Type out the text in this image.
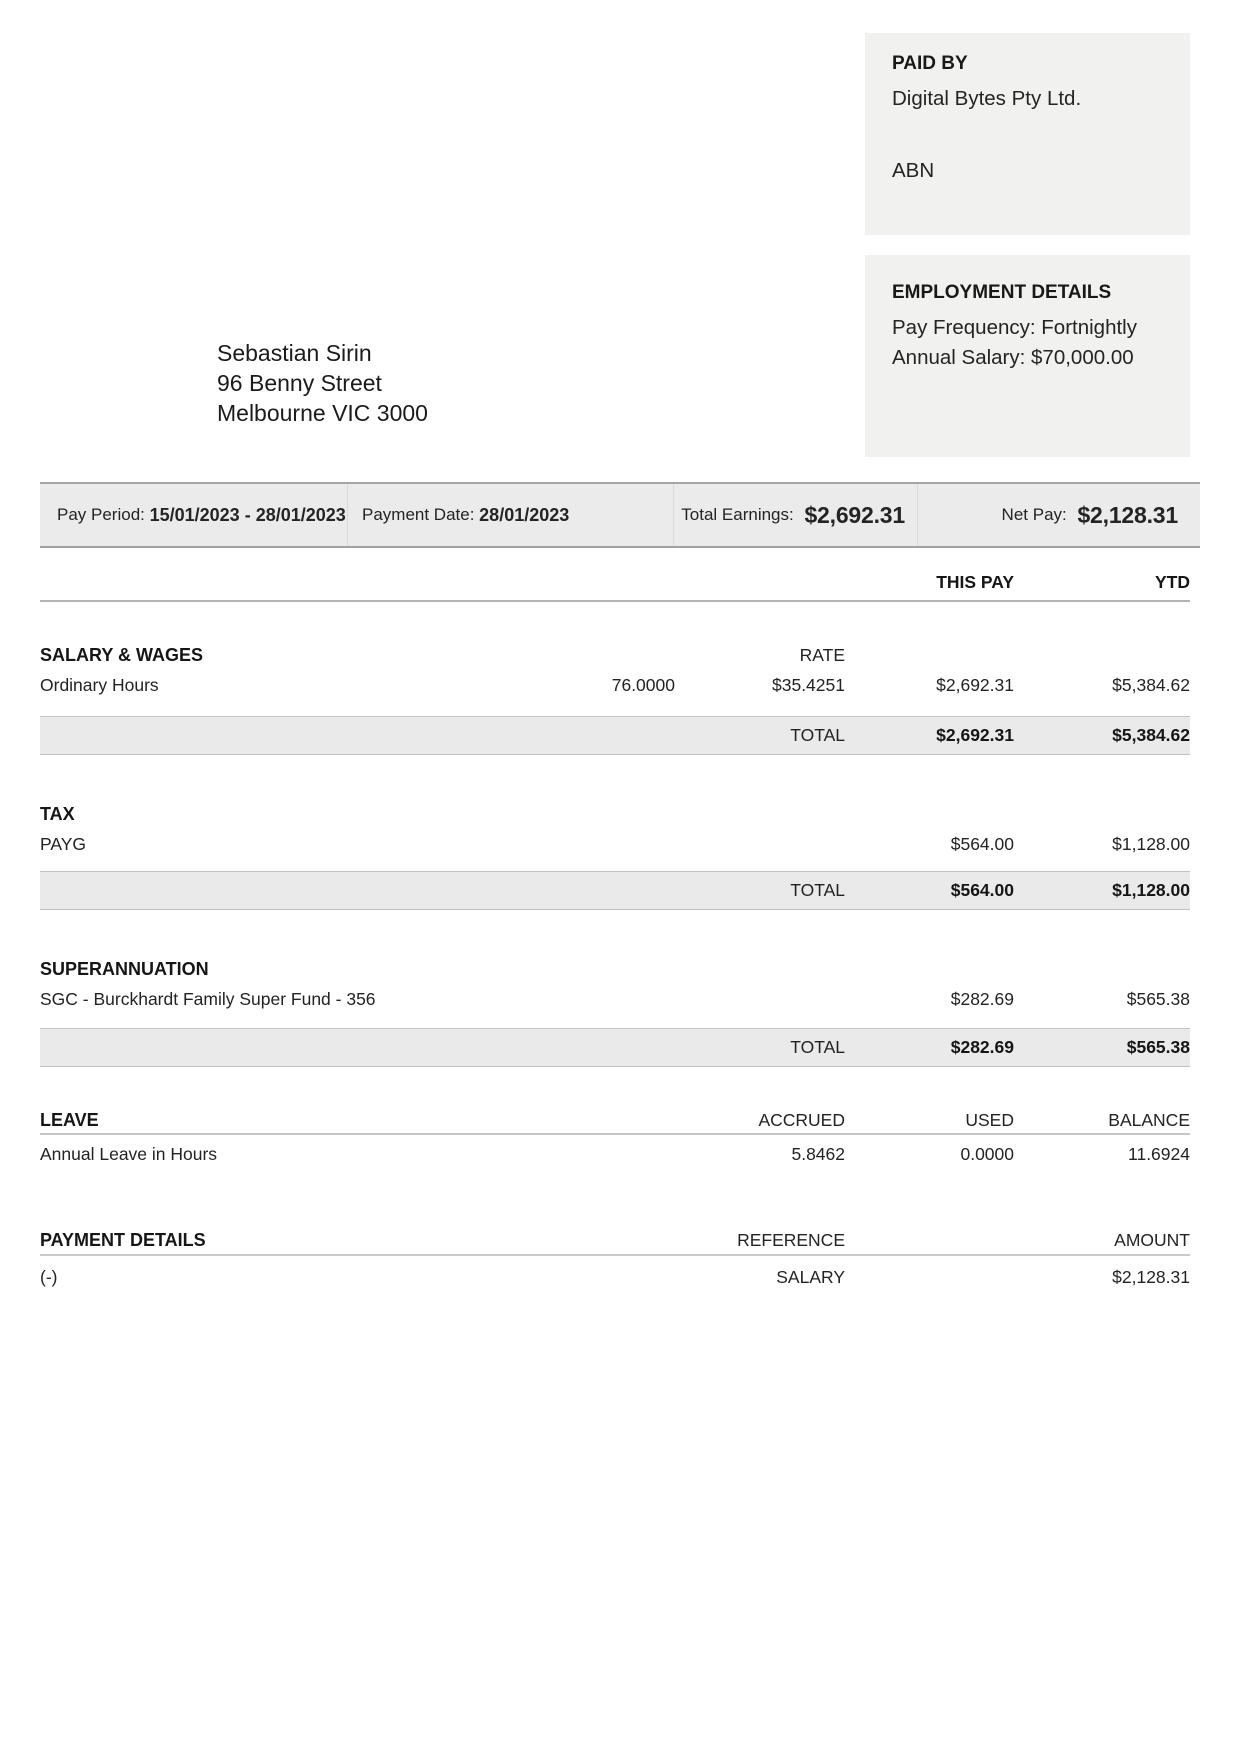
PAID BY
Digital Bytes Pty Ltd.
ABN
EMPLOYMENT DETAILS
Pay Frequency: Fortnightly
Annual Salary: $70,000.00
Sebastian Sirin
96 Benny Street
Melbourne VIC 3000
Pay Period: 15/01/2023 - 28/01/2023 Payment Date: 28/01/2023	Total Earnings: $2,692.31	Net Pay: $2,128.31
THIS PAY	YTD
SALARY & WAGES	RATE
Ordinary Hours	76.0000	$35.4251	$2,692.31	$5,384.62
TOTAL	$2,692.31	$5,384.62
TAX
PAYG	$564.00	$1,128.00
TOTAL	$564.00	$1,128.00
SUPERANNUATION
SGC - Burckhardt Family Super Fund - 356	$282.69	$565.38
TOTAL	$282.69	$565.38
LEAVE	ACCRUED	USED	BALANCE
Annual Leave in Hours	5.8462	0.0000	11.6924
PAYMENT DETAILS	REFERENCE	AMOUNT
(-)	SALARY	$2,128.31
